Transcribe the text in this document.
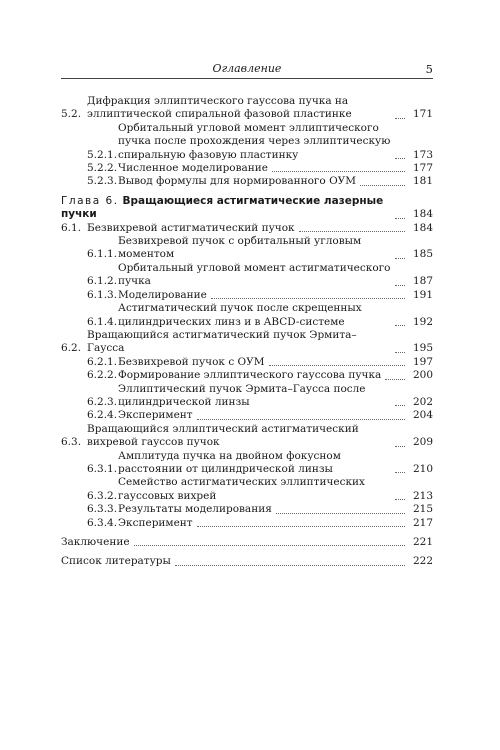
Оглавление	5
5.2.
Дифракция эллиптического гауссова пучка на эллиптической спиральной фазовой пластинке	171
5.2.1.
Орбитальный угловой момент эллиптического пучка после прохождения через эллиптическую спиральную фазовую пластинку	173
5.2.2. Численное моделирование	177
5.2.3. Вывод формулы для нормированного ОУМ	181
Глава 6. Вращающиеся астигматические лазерные пучки	184
6.1. Безвихревой астигматический пучок	184
6.1.1.
Безвихревой пучок с орбитальный угловым моментом	185
6.1.2.
Орбитальный угловой момент астигматического пучка	187
6.1.3. Моделирование	191
6.1.4.
Астигматический пучок после скрещенных цилиндрических линз и в ABCD-системе	192
6.2.
Вращающийся астигматический пучок Эрмита–Гаусса	195
6.2.1. Безвихревой пучок с ОУМ	197
6.2.2. Формирование эллиптического гауссова пучка	200
6.2.3.
Эллиптический пучок Эрмита–Гаусса после цилиндрической линзы	202
6.2.4. Эксперимент	204
6.3.
Вращающийся эллиптический астигматический вихревой гауссов пучок	209
6.3.1.
Амплитуда пучка на двойном фокусном расстоянии от цилиндрической линзы	210
6.3.2.
Семейство астигматических эллиптических гауссовых вихрей	213
6.3.3. Результаты моделирования	215
6.3.4. Эксперимент	217
Заключение	221
Список литературы	222
